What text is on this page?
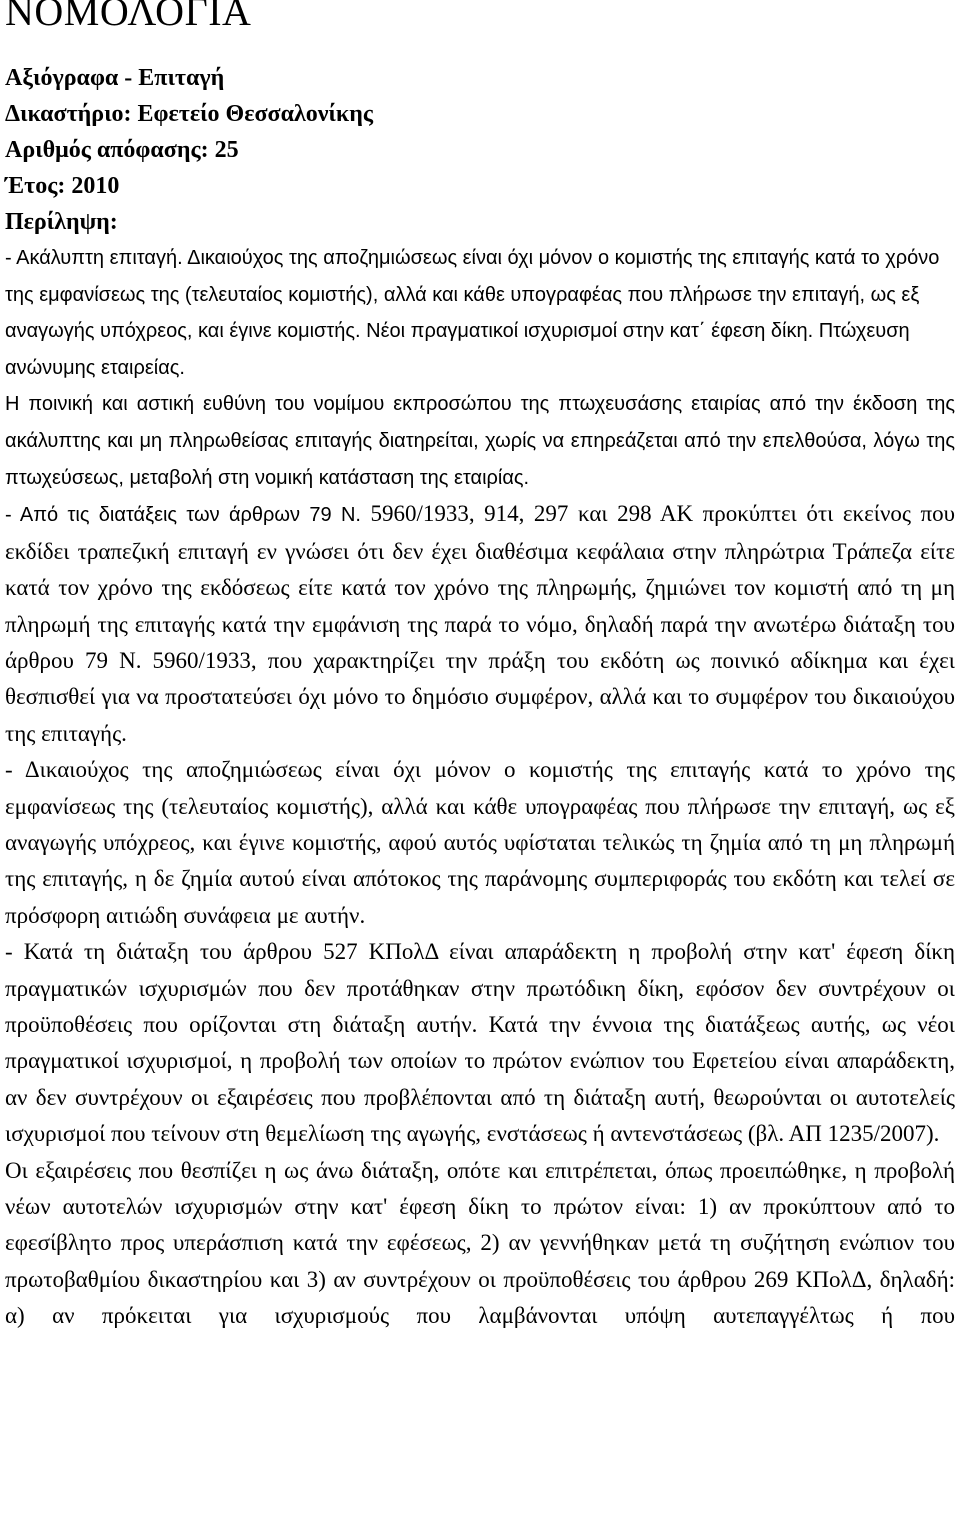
ΝΟΜΟΛΟΓΙΑ
Αξιόγραφα - Επιταγή
Δικαστήριο: Εφετείο Θεσσαλονίκης
Αριθμός απόφασης: 25
Έτος: 2010
Περίληψη:

- Ακάλυπτη επιταγή. Δικαιούχος της αποζημιώσεως είναι όχι μόνον ο κομιστής της επιταγής κατά το χρόνο της εμφανίσεως της (τελευταίος κομιστής), αλλά και κάθε υπογραφέας που πλήρωσε την επιταγή, ως εξ αναγωγής υπόχρεος, και έγινε κομιστής. Νέοι πραγματικοί ισχυρισμοί στην κατ΄ έφεση δίκη. Πτώχευση ανώνυμης εταιρείας.

Η ποινική και αστική ευθύνη του νομίμου εκπροσώπου της πτωχευσάσης εταιρίας από την έκδοση της ακάλυπτης και μη πληρωθείσας επιταγής διατηρείται, χωρίς να επηρεάζεται από την επελθούσα, λόγω της πτωχεύσεως, μεταβολή στη νομική κατάσταση της εταιρίας.

- Από τις διατάξεις των άρθρων 79 Ν. 5960/1933, 914, 297 και 298 ΑΚ προκύπτει ότι εκείνος που εκδίδει τραπεζική επιταγή εν γνώσει ότι δεν έχει διαθέσιμα κεφάλαια στην πληρώτρια Τράπεζα είτε κατά τον χρόνο της εκδόσεως είτε κατά τον χρόνο της πληρωμής, ζημιώνει τον κομιστή από τη μη πληρωμή της επιταγής κατά την εμφάνιση της παρά το νόμο, δηλαδή παρά την ανωτέρω διάταξη του άρθρου 79 Ν. 5960/1933, που χαρακτηρίζει την πράξη του εκδότη ως ποινικό αδίκημα και έχει θεσπισθεί για να προστατεύσει όχι μόνο το δημόσιο συμφέρον, αλλά και το συμφέρον του δικαιούχου της επιταγής.

- Δικαιούχος της αποζημιώσεως είναι όχι μόνον ο κομιστής της επιταγής κατά το χρόνο της εμφανίσεως της (τελευταίος κομιστής), αλλά και κάθε υπογραφέας που πλήρωσε την επιταγή, ως εξ αναγωγής υπόχρεος, και έγινε κομιστής, αφού αυτός υφίσταται τελικώς τη ζημία από τη μη πληρωμή της επιταγής, η δε ζημία αυτού είναι απότοκος της παράνομης συμπεριφοράς του εκδότη και τελεί σε πρόσφορη αιτιώδη συνάφεια με αυτήν.

- Κατά τη διάταξη του άρθρου 527 ΚΠολΔ είναι απαράδεκτη η προβολή στην κατ' έφεση δίκη πραγματικών ισχυρισμών που δεν προτάθηκαν στην πρωτόδικη δίκη, εφόσον δεν συντρέχουν οι προϋποθέσεις που ορίζονται στη διάταξη αυτήν. Κατά την έννοια της διατάξεως αυτής, ως νέοι πραγματικοί ισχυρισμοί, η προβολή των οποίων το πρώτον ενώπιον του Εφετείου είναι απαράδεκτη, αν δεν συντρέχουν οι εξαιρέσεις που προβλέπονται από τη διάταξη αυτή, θεωρούνται οι αυτοτελείς ισχυρισμοί που τείνουν στη θεμελίωση της αγωγής, ενστάσεως ή αντενστάσεως (βλ. ΑΠ 1235/2007).

Οι εξαιρέσεις που θεσπίζει η ως άνω διάταξη, οπότε και επιτρέπεται, όπως προειπώθηκε, η προβολή νέων αυτοτελών ισχυρισμών στην κατ' έφεση δίκη το πρώτον είναι: 1) αν προκύπτουν από το εφεσίβλητο προς υπεράσπιση κατά την εφέσεως, 2) αν γεννήθηκαν μετά τη συζήτηση ενώπιον του πρωτοβαθμίου δικαστηρίου και 3) αν συντρέχουν οι προϋποθέσεις του άρθρου 269 ΚΠολΔ, δηλαδή: α) αν πρόκειται για ισχυρισμούς που λαμβάνονται υπόψη αυτεπαγγέλτως ή που
